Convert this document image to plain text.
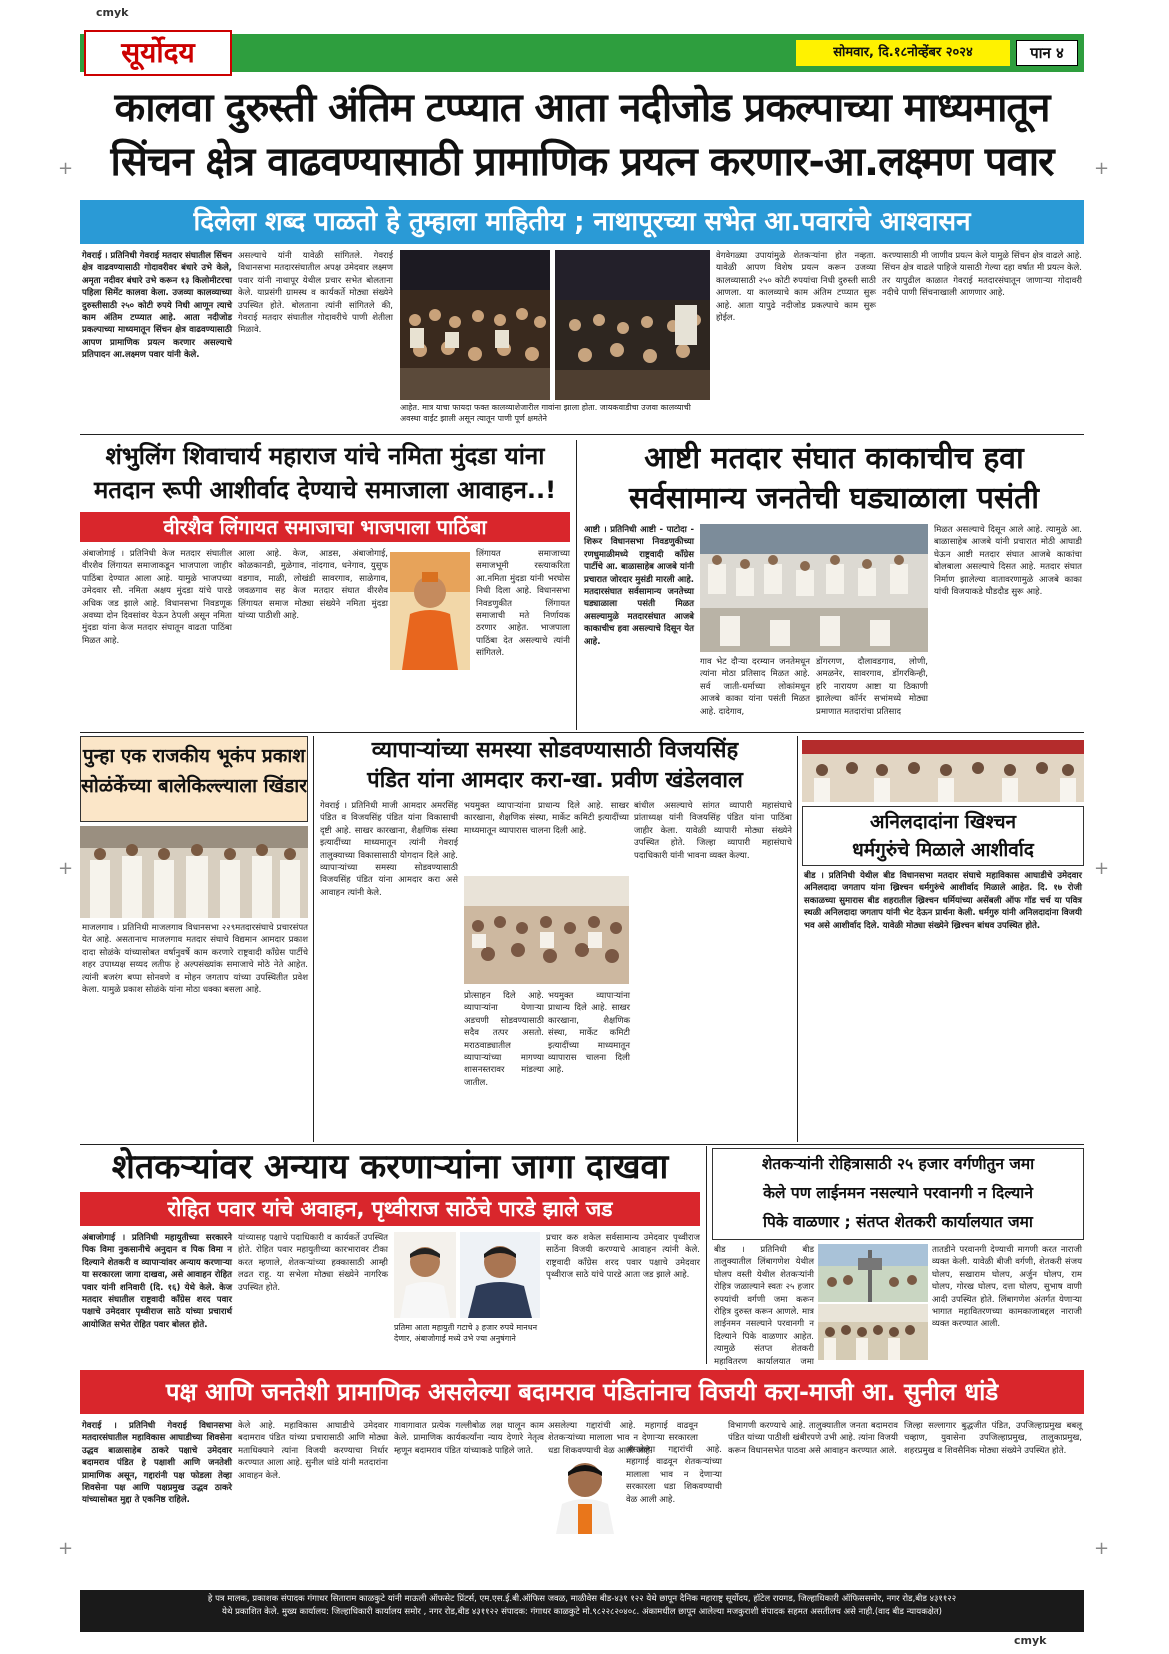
cmyk
cmyk
+	+
+	+
+	+
सूर्योदय	सोमवार, दि.१८नोव्हेंबर २०२४	पान ४
कालवा दुरुस्ती अंतिम टप्प्यात आता नदीजोड प्रकल्पाच्या माध्यमातून
सिंचन क्षेत्र वाढवण्यासाठी प्रामाणिक प्रयत्न करणार-आ.लक्ष्मण पवार
दिलेला शब्द पाळतो हे तुम्हाला माहितीय ; नाथापूरच्या सभेत आ.पवारांचे आश्वासन
गेवराई । प्रतिनिधी गेवराई मतदार संघातील सिंचन क्षेत्र वाढवण्यासाठी गोदावरीवर बंधारे उभे केले, अमृता नदीवर बंधारे उभे करून १३ किलोमीटरचा पहिला सिमेंट कालवा केला. उजव्या कालव्याच्या दुरुस्तीसाठी २५० कोटी रुपये निधी आणून त्याचे काम अंतिम टप्प्यात आहे. आता नदीजोड प्रकल्पाच्या माध्यमातून सिंचन क्षेत्र वाढवण्यासाठी आपण प्रामाणिक प्रयत्न करणार असल्याचे प्रतिपादन आ.लक्ष्मण पवार यांनी केले.
असल्याचे यांनी यावेळी सांगितले. गेवराई विधानसभा मतदारसंघातील अपक्ष उमेदवार लक्ष्मण पवार यांनी नाथापूर येथील प्रचार सभेत बोलताना केले. याप्रसंगी ग्रामस्थ व कार्यकर्ते मोठ्या संख्येने उपस्थित होते. बोलताना त्यांनी सांगितले की, गेवराई मतदार संघातील गोदावरीचे पाणी शेतीला मिळावे.
आहेत. मात्र याचा फायदा फक्त कालव्याशेजारील गावांना झाला होता. जायकवाडीचा उजवा कालव्याची अवस्था वाईट झाली असून त्यातून पाणी पूर्ण क्षमतेने
वेगवेगळ्या उपायांमुळे शेतकऱ्यांना होत नव्हता. यावेळी आपण विशेष प्रयत्न करून उजव्या कालव्यासाठी २५० कोटी रुपयांचा निधी दुरुस्ती साठी आणला. या कालव्याचे काम अंतिम टप्प्यात सुरू आहे. आता यापुढे नदीजोड प्रकल्पाचे काम सुरू होईल.
करण्यासाठी मी जाणीव प्रयत्न केले यामुळे सिंचन क्षेत्र वाढले आहे. सिंचन क्षेत्र वाढले पाहिजे यासाठी गेल्या दहा वर्षात मी प्रयत्न केले. तर यापुढील काळात गेवराई मतदारसंघातून जाणाऱ्या गोदावरी नदीचे पाणी सिंचनाखाली आणणार आहे.
शंभुलिंग शिवाचार्य महाराज यांचे नमिता मुंदडा यांना
मतदान रूपी आशीर्वाद देण्याचे समाजाला आवाहन..!
वीरशैव लिंगायत समाजाचा भाजपाला पाठिंबा
अंबाजोगाई । प्रतिनिधी केज मतदार संघातील वीरशैव लिंगायत समाजाकडून भाजपाला जाहीर पाठिंबा देण्यात आला आहे. यामुळे भाजपच्या उमेदवार सौ. नमिता अक्षय मुंदडा यांचे पारडे अधिक जड झाले आहे. विधानसभा निवडणूक अवघ्या दोन दिवसांवर येऊन ठेपली असून नमिता मुंदडा यांना केज मतदार संघातून वाढता पाठिंबा मिळत आहे.
आला आहे. केज, आडस, अंबाजोगाई, कोळकानडी, मुळेगाव, नांदगाव, धनेगाव, युसुफ वडगाव, माळी, लोखंडी सावरगाव, साळेगाव, जवळगाव सह केज मतदार संघात वीरशैव लिंगायत समाज मोठ्या संख्येने नमिता मुंदडा यांच्या पाठीशी आहे.
लिंगायत समाजाच्या समाजभूमी रस्त्याकरिता आ.नमिता मुंदडा यांनी भरघोस निधी दिला आहे. विधानसभा निवडणुकीत लिंगायत समाजाची मते निर्णायक ठरणार आहेत. भाजपाला पाठिंबा देत असल्याचे त्यांनी सांगितले.
आष्टी मतदार संघात काकाचीच हवा
सर्वसामान्य जनतेची घड्याळाला पसंती
आष्टी । प्रतिनिधी आष्टी - पाटोदा - शिरूर विधानसभा निवडणुकीच्या रणधुमाळीमध्ये राष्ट्रवादी काँग्रेस पार्टीचे आ. बाळासाहेब आजबे यांनी प्रचारात जोरदार मुसंडी मारली आहे. मतदारसंघात सर्वसामान्य जनतेच्या घड्याळाला पसंती मिळत असल्यामुळे मतदारसंघात आजबे काकाचीच हवा असल्याचे दिसून येत आहे.
गाव भेट दौऱ्या दरम्यान जनतेमधून त्यांना मोठा प्रतिसाद मिळत आहे. सर्व जाती-धर्माच्या लोकांमधून आजबे काका यांना पसंती मिळत आहे. दादेगाव,
डोंगरगण, दौलावडगाव, लोणी, अमळनेर, सावरगाव, डोंगरकिन्ही, हरि नारायण आष्टा या ठिकाणी झालेल्या कॉर्नर सभांमध्ये मोठ्या प्रमाणात मतदारांचा प्रतिसाद
मिळत असल्याचे दिसून आले आहे. त्यामुळे आ. बाळासाहेब आजबे यांनी प्रचारात मोठी आघाडी घेऊन आष्टी मतदार संघात आजबे काकांचा बोलबाला असल्याचे दिसत आहे. मतदार संघात निर्माण झालेल्या वातावरणामुळे आजबे काका यांची विजयाकडे घौडदौड सुरू आहे.
पुन्हा एक राजकीय भूकंप प्रकाश
सोळंकेंच्या बालेकिल्ल्याला खिंडार
माजलगाव । प्रतिनिधी माजलगाव विधानसभा २२९मतदारसंघाचे प्रचारसंपत येत आहे. असतानाच माजलगाव मतदार संघाचे विद्यमान आमदार प्रकाश दादा सोळंके यांच्यासोबत वर्षानुवर्षे काम करणारे राष्ट्रवादी कॉंग्रेस पार्टीचे शहर उपाध्यक्ष सय्यद लतीफ हे अल्पसंख्यांक समाजाचे मोठे नेते आहेत. त्यांनी बजरंग बप्पा सोनवणे व मोहन जगताप यांच्या उपस्थितीत प्रवेश केला. यामुळे प्रकाश सोळंके यांना मोठा धक्का बसला आहे.
व्यापाऱ्यांच्या समस्या सोडवण्यासाठी विजयसिंह
पंडित यांना आमदार करा-खा. प्रवीण खंडेलवाल
गेवराई । प्रतिनिधी माजी आमदार अमरसिंह पंडित व विजयसिंह पंडित यांना विकासाची दृष्टी आहे. साखर कारखाना, शैक्षणिक संस्था इत्यादींच्या माध्यमातून त्यांनी गेवराई तालुक्याच्या विकासासाठी योगदान दिले आहे. व्यापाऱ्यांच्या समस्या सोडवण्यासाठी विजयसिंह पंडित यांना आमदार करा असे आवाहन त्यांनी केले.
भयमुक्त व्यापाऱ्यांना प्राधान्य दिले आहे. साखर कारखाना, शैक्षणिक संस्था, मार्केट कमिटी इत्यादींच्या माध्यमातून व्यापारास चालना दिली आहे.
प्रोत्साहन दिले आहे. व्यापाऱ्यांना येणाऱ्या अडचणी सोडवण्यासाठी सदैव तत्पर असतो. मराठवाड्यातील व्यापाऱ्यांच्या मागण्या शासनस्तरावर मांडल्या जातील.
भयमुक्त व्यापाऱ्यांना प्राधान्य दिले आहे. साखर कारखाना, शैक्षणिक संस्था, मार्केट कमिटी इत्यादींच्या माध्यमातून व्यापारास चालना दिली आहे.
बांधील असल्याचे सांगत व्यापारी महासंघाचे प्रांताध्यक्ष यांनी विजयसिंह पंडित यांना पाठिंबा जाहीर केला. यावेळी व्यापारी मोठ्या संख्येने उपस्थित होते. जिल्हा व्यापारी महासंघाचे पदाधिकारी यांनी भावना व्यक्त केल्या.
अनिलदादांना खिश्चन
धर्मगुरुंचे मिळाले आशीर्वाद
बीड । प्रतिनिधी येथील बीड विधानसभा मतदार संघाचे महाविकास आघाडीचे उमेदवार अनिलदादा जगताप यांना ख्रिश्चन धर्मगुरुंचे आशीर्वाद मिळाले आहेत. दि. १७ रोजी सकाळच्या सुमारास बीड शहरातील ख्रिश्चन धर्मियांच्या असेंबली ऑफ गॉड चर्च या पवित्र स्थळी अनिलदादा जगताप यांनी भेट देऊन प्रार्थना केली. धर्मगुरु यांनी अनिलदादांना विजयी भव असे आशीर्वाद दिले. यावेळी मोठ्या संख्येने ख्रिश्चन बांधव उपस्थित होते.
शेतकऱ्यांवर अन्याय करणाऱ्यांना जागा दाखवा
रोहित पवार यांचे अवाहन, पृथ्वीराज साठेंचे पारडे झाले जड
अंबाजोगाई । प्रतिनिधी महायुतीच्या सरकारने पिक विमा नुकसानीचे अनुदान व पिक विमा न दिल्याने शेतकरी व व्यापाऱ्यांवर अन्याय करणाऱ्या या सरकारला जागा दाखवा, असे आवाहन रोहित पवार यांनी शनिवारी (दि. १६) येथे केले. केज मतदार संघातील राष्ट्रवादी काँग्रेस शरद पवार पक्षाचे उमेदवार पृथ्वीराज साठे यांच्या प्रचारार्थ आयोजित सभेत रोहित पवार बोलत होते.
यांच्यासह पक्षाचे पदाधिकारी व कार्यकर्ते उपस्थित होते. रोहित पवार महायुतीच्या कारभारावर टीका करत म्हणाले, शेतकऱ्यांच्या हक्कासाठी आम्ही लढत राहू. या सभेला मोठ्या संख्येने नागरिक उपस्थित होते.
प्रतिमा आता महायुती गटाचे ३ हजार रुपये मानधन देणार, अंबाजोगाई मध्ये उभे ज्या अनुषंगाने
प्रचार करु शकेल सर्वसामान्य उमेदवार पृथ्वीराज साठेंना विजयी करण्याचे आवाहन त्यांनी केले. राष्ट्रवादी काँग्रेस शरद पवार पक्षाचे उमेदवार पृथ्वीराज साठे यांचे पारडे आता जड झाले आहे.
शेतकऱ्यांनी रोहित्रासाठी २५ हजार वर्गणीतुन जमा
केले पण लाईनमन नसल्याने परवानगी न दिल्याने
पिके वाळणार ; संतप्त शेतकरी कार्यालयात जमा
बीड । प्रतिनिधी बीड तालुक्यातील लिंबागणेश येथील घोलप वस्ती येथील शेतकऱ्यांनी रोहित्र जळाल्याने स्वतः २५ हजार रुपयांची वर्गणी जमा करून रोहित्र दुरुस्त करून आणले. मात्र लाईनमन नसल्याने परवानगी न दिल्याने पिके वाळणार आहेत. त्यामुळे संतप्त शेतकरी महावितरण कार्यालयात जमा
तातडीने परवानगी देण्याची मागणी करत नाराजी व्यक्त केली. यावेळी बीजी वर्गणी, शेतकरी संजय घोलप, सखाराम घोलप, अर्जुन घोलप, राम घोलप, गोरख घोलप, दत्ता घोलप, सुभाष वाणी आदी उपस्थित होते. लिंबागणेश अंतर्गत येणाऱ्या भागात महावितरणच्या कामकाजाबद्दल नाराजी व्यक्त करण्यात आली.
पक्ष आणि जनतेशी प्रामाणिक असलेल्या बदामराव पंडितांनाच विजयी करा-माजी आ. सुनील धांडे
गेवराई । प्रतिनिधी गेवराई विधानसभा मतदारसंघातील महाविकास आघाडीच्या शिवसेना उद्धव बाळासाहेब ठाकरे पक्षाचे उमेदवार बदामराव पंडित हे पक्षाशी आणि जनतेशी प्रामाणिक असून, गद्दारांनी पक्ष फोडला तेव्हा शिवसेना पक्ष आणि पक्षप्रमुख उद्धव ठाकरे यांच्यासोबत मुद्दा ते एकनिष्ठ राहिले.
केले आहे. महाविकास आघाडीचे उमेदवार बदामराव पंडित यांच्या प्रचारासाठी आणि मोठ्या मताधिक्याने त्यांना विजयी करण्याचा निर्धार करण्यात आला आहे. सुनील धांडे यांनी मतदारांना आवाहन केले.
गावागावात प्रत्येक गल्लीबोळ लक्ष घालून काम केले. प्रामाणिक कार्यकर्त्यांना न्याय देणारे नेतृत्व म्हणून बदामराव पंडित यांच्याकडे पाहिले जाते.
असलेल्या गद्दारांची आहे. महागाई वाढवून शेतकऱ्यांच्या मालाला भाव न देणाऱ्या सरकारला धडा शिकवण्याची वेळ आली आहे.
असलेल्या गद्दारांची आहे. महागाई वाढवून शेतकऱ्यांच्या मालाला भाव न देणाऱ्या सरकारला धडा शिकवण्याची वेळ आली आहे.
विभागणी करण्याचे आहे. तालुक्यातील जनता बदामराव पंडित यांच्या पाठीशी खंबीरपणे उभी आहे. त्यांना विजयी करून विधानसभेत पाठवा असे आवाहन करण्यात आले.
जिल्हा सल्लागार बुद्धजीत पंडित, उपजिल्हाप्रमुख बबलू चव्हाण, युवासेना उपजिल्हाप्रमुख, तालुकाप्रमुख, शहरप्रमुख व शिवसैनिक मोठ्या संख्येने उपस्थित होते.
हे पत्र मालक, प्रकाशक संपादक गंगाधर सिताराम काळकुटे यांनी माऊली ऑफसेट प्रिंटर्स, एम.एस.ई.बी.ऑफिस जवळ, माळीवेस बीड-४३१ १२२ येथे छापून दैनिक महाराष्ट्र सूर्योदय, हॉटेल रायगड, जिल्हाधिकारी ऑफिससमोर, नगर रोड,बीड ४३११२२
येथे प्रकाशित केले. मुख्य कार्यालय: जिल्हाधिकारी कार्यालय समोर , नगर रोड,बीड ४३११२२ संपादक: गंगाधर काळकुटे मो.९८२२८२०४०८. अंकामधील छापून आलेल्या मजकुराशी संपादक सहमत असतीलच असे नाही.(वाद बीड न्यायकक्षेत)
